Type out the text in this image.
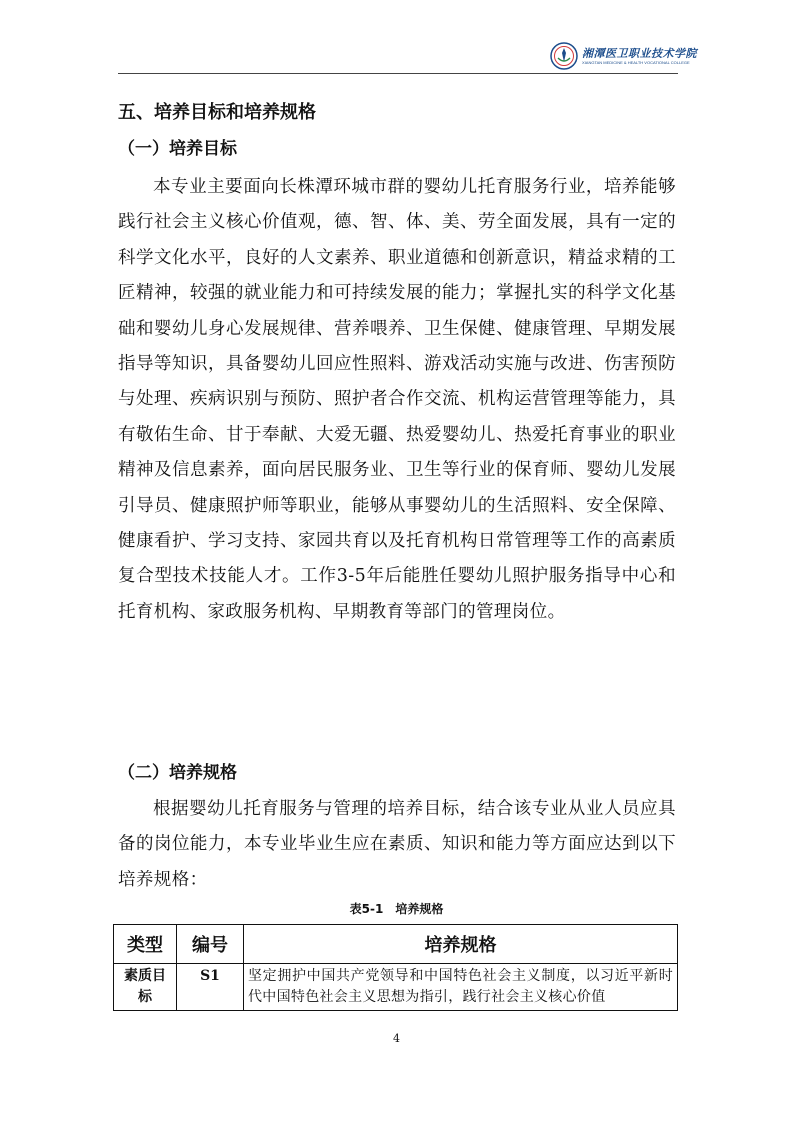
湘潭医卫职业技术学院
XIANGTAN MEDICINE & HEALTH VOCATIONAL COLLEGE
五、培养目标和培养规格
（一）培养目标

本专业主要面向长株潭环城市群的婴幼儿托育服务行业，培养能够践行社会主义核心价值观，德、智、体、美、劳全面发展，具有一定的科学文化水平，良好的人文素养、职业道德和创新意识，精益求精的工匠精神，较强的就业能力和可持续发展的能力；掌握扎实的科学文化基础和婴幼儿身心发展规律、营养喂养、卫生保健、健康管理、早期发展指导等知识，具备婴幼儿回应性照料、游戏活动实施与改进、伤害预防与处理、疾病识别与预防、照护者合作交流、机构运营管理等能力，具有敬佑生命、甘于奉献、大爱无疆、热爱婴幼儿、热爱托育事业的职业精神及信息素养，面向居民服务业、卫生等行业的保育师、婴幼儿发展引导员、健康照护师等职业，能够从事婴幼儿的生活照料、安全保障、健康看护、学习支持、家园共育以及托育机构日常管理等工作的高素质复合型技术技能人才。工作3-5年后能胜任婴幼儿照护服务指导中心和托育机构、家政服务机构、早期教育等部门的管理岗位。

（二）培养规格

根据婴幼儿托育服务与管理的培养目标，结合该专业从业人员应具备的岗位能力，本专业毕业生应在素质、知识和能力等方面应达到以下培养规格：

表5-1　培养规格
类型	编号	培养规格
素质目标	S1	坚定拥护中国共产党领导和中国特色社会主义制度，以习近平新时代中国特色社会主义思想为指引，践行社会主义核心价值
4
